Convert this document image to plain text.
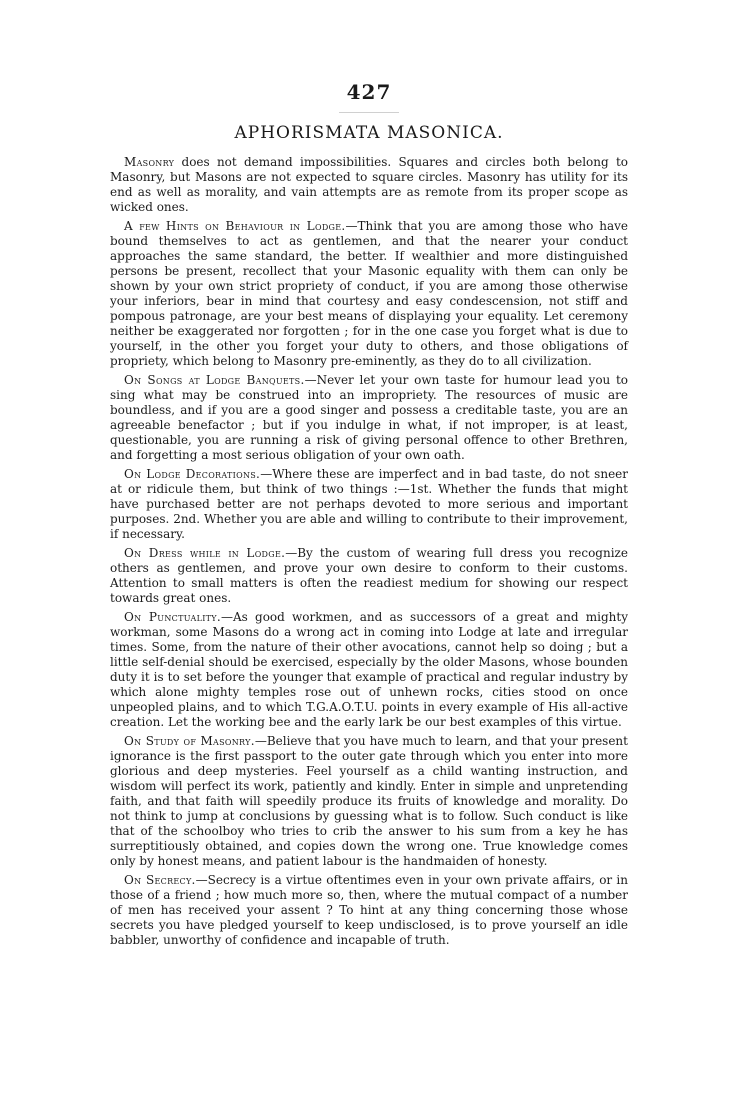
427
APHORISMATA MASONICA.

Masonry does not demand impossibilities. Squares and circles both belong to Masonry, but Masons are not expected to square circles. Masonry has utility for its end as well as morality, and vain attempts are as remote from its proper scope as wicked ones.

A few Hints on Behaviour in Lodge.—Think that you are among those who have bound themselves to act as gentlemen, and that the nearer your conduct approaches the same standard, the better. If wealthier and more distinguished persons be present, recollect that your Masonic equality with them can only be shown by your own strict propriety of conduct, if you are among those otherwise your inferiors, bear in mind that courtesy and easy condescension, not stiff and pompous patronage, are your best means of displaying your equality. Let ceremony neither be exaggerated nor forgotten ; for in the one case you forget what is due to yourself, in the other you forget your duty to others, and those obligations of propriety, which belong to Masonry pre-eminently, as they do to all civilization.

On Songs at Lodge Banquets.—Never let your own taste for humour lead you to sing what may be construed into an impropriety. The resources of music are boundless, and if you are a good singer and possess a creditable taste, you are an agreeable benefactor ; but if you indulge in what, if not improper, is at least, questionable, you are running a risk of giving personal offence to other Brethren, and forgetting a most serious obligation of your own oath.

On Lodge Decorations.—Where these are imperfect and in bad taste, do not sneer at or ridicule them, but think of two things :—1st. Whether the funds that might have purchased better are not perhaps devoted to more serious and important purposes. 2nd. Whether you are able and willing to contribute to their improvement, if necessary.

On Dress while in Lodge.—By the custom of wearing full dress you recognize others as gentlemen, and prove your own desire to conform to their customs. Attention to small matters is often the readiest medium for showing our respect towards great ones.

On Punctuality.—As good workmen, and as successors of a great and mighty workman, some Masons do a wrong act in coming into Lodge at late and irregular times. Some, from the nature of their other avocations, cannot help so doing ; but a little self-denial should be exercised, especially by the older Masons, whose bounden duty it is to set before the younger that example of practical and regular industry by which alone mighty temples rose out of unhewn rocks, cities stood on once unpeopled plains, and to which T.G.A.O.T.U. points in every example of His all-active creation. Let the working bee and the early lark be our best examples of this virtue.

On Study of Masonry.—Believe that you have much to learn, and that your present ignorance is the first passport to the outer gate through which you enter into more glorious and deep mysteries. Feel yourself as a child wanting instruction, and wisdom will perfect its work, patiently and kindly. Enter in simple and unpretending faith, and that faith will speedily produce its fruits of knowledge and morality. Do not think to jump at conclusions by guessing what is to follow. Such conduct is like that of the schoolboy who tries to crib the answer to his sum from a key he has surreptitiously obtained, and copies down the wrong one. True knowledge comes only by honest means, and patient labour is the handmaiden of honesty.

On Secrecy.—Secrecy is a virtue oftentimes even in your own private affairs, or in those of a friend ; how much more so, then, where the mutual compact of a number of men has received your assent ? To hint at any thing concerning those whose secrets you have pledged yourself to keep undisclosed, is to prove yourself an idle babbler, unworthy of confidence and incapable of truth.
